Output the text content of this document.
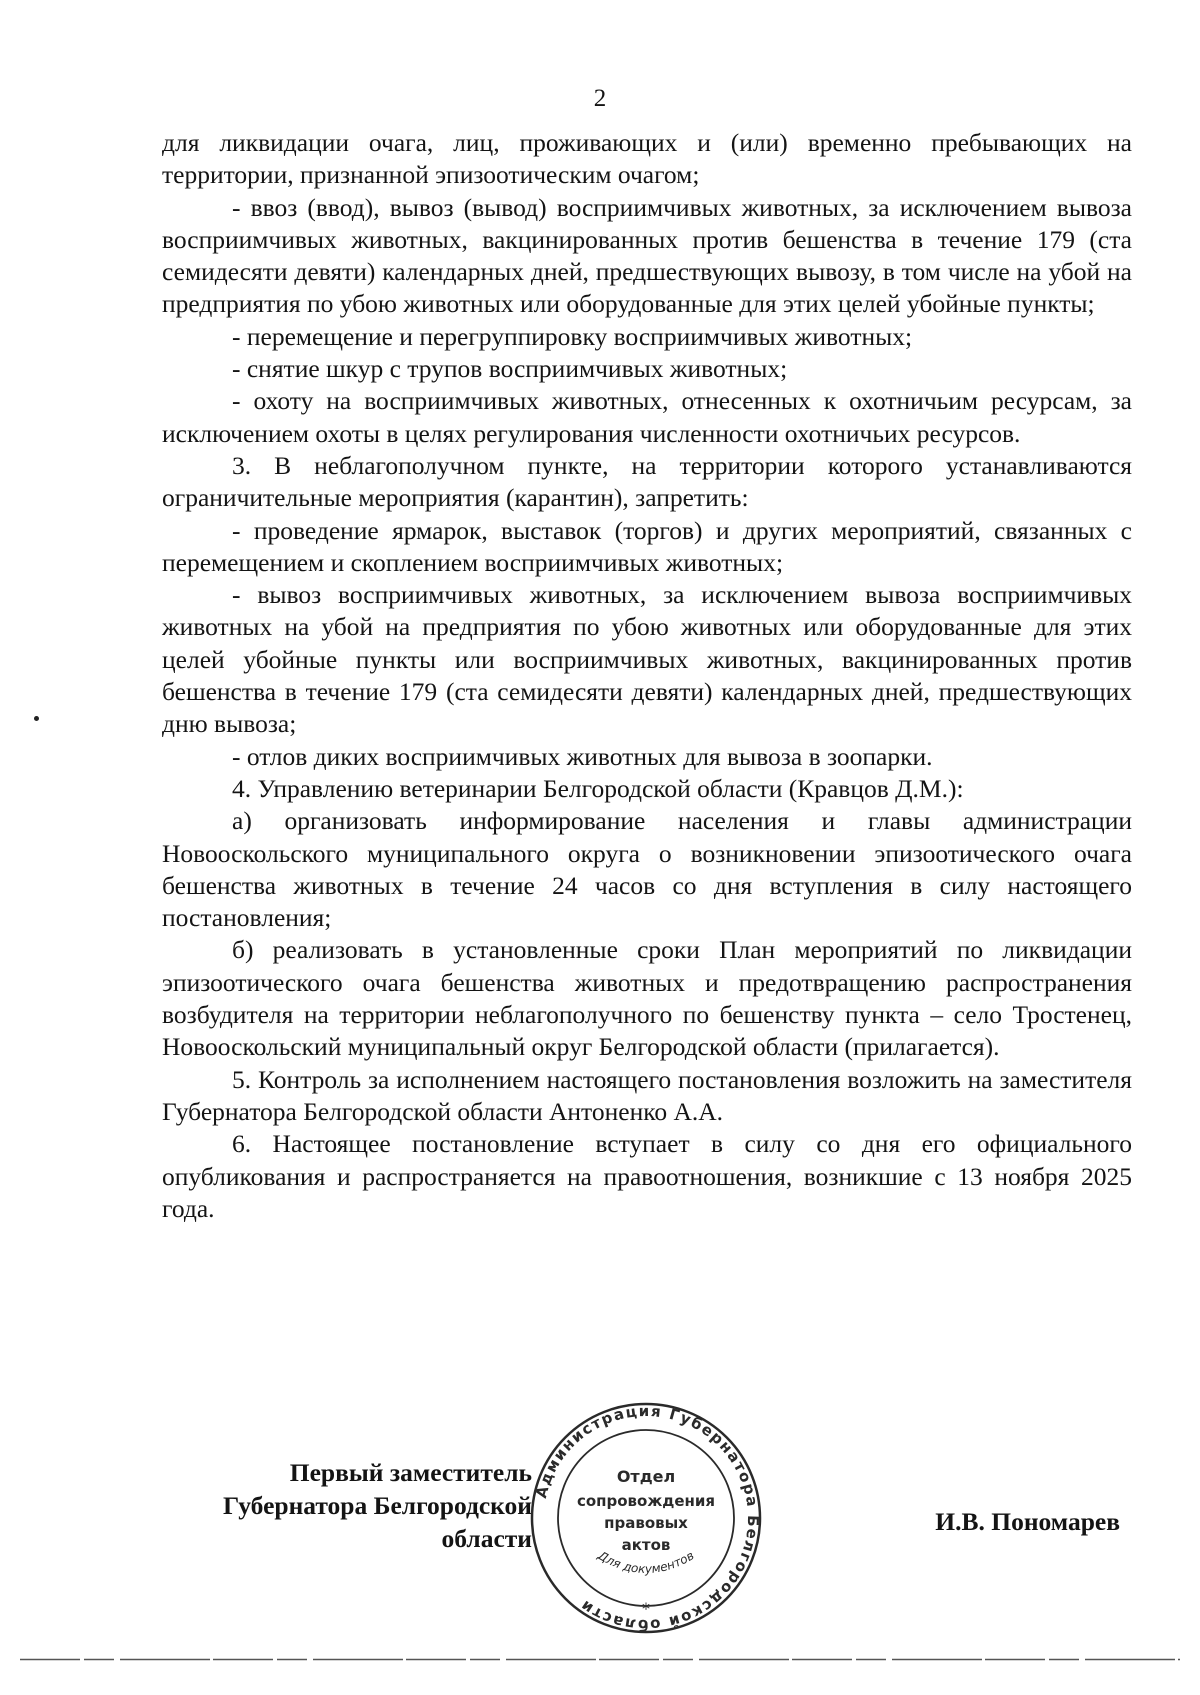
2

для ликвидации очага, лиц, проживающих и (или) временно пребывающих на территории, признанной эпизоотическим очагом;

- ввоз (ввод), вывоз (вывод) восприимчивых животных, за исключением вывоза восприимчивых животных, вакцинированных против бешенства в течение 179 (ста семидесяти девяти) календарных дней, предшествующих вывозу, в том числе на убой на предприятия по убою животных или оборудованные для этих целей убойные пункты;

- перемещение и перегруппировку восприимчивых животных;

- снятие шкур с трупов восприимчивых животных;

- охоту на восприимчивых животных, отнесенных к охотничьим ресурсам, за исключением охоты в целях регулирования численности охотничьих ресурсов.

3. В неблагополучном пункте, на территории которого устанавливаются ограничительные мероприятия (карантин), запретить:

- проведение ярмарок, выставок (торгов) и других мероприятий, связанных с перемещением и скоплением восприимчивых животных;

- вывоз восприимчивых животных, за исключением вывоза восприимчивых животных на убой на предприятия по убою животных или оборудованные для этих целей убойные пункты или восприимчивых животных, вакцинированных против бешенства в течение 179 (ста семидесяти девяти) календарных дней, предшествующих дню вывоза;

- отлов диких восприимчивых животных для вывоза в зоопарки.

4. Управлению ветеринарии Белгородской области (Кравцов Д.М.):

а) организовать информирование населения и главы администрации Новооскольского муниципального округа о возникновении эпизоотического очага бешенства животных в течение 24 часов со дня вступления в силу настоящего постановления;

б) реализовать в установленные сроки План мероприятий по ликвидации эпизоотического очага бешенства животных и предотвращению распространения возбудителя на территории неблагополучного по бешенству пункта – село Тростенец, Новооскольский муниципальный округ Белгородской области (прилагается).

5. Контроль за исполнением настоящего постановления возложить на заместителя Губернатора Белгородской области Антоненко А.А.

6. Настоящее постановление вступает в силу со дня его официального опубликования и распространяется на правоотношения, возникшие с 13 ноября 2025 года.

Первый заместитель
Губернатора Белгородской области
Администрация Губернатора Белгородской области
Отдел
сопровождения
правовых
актов
Для документов
*
И.В. Пономарев
